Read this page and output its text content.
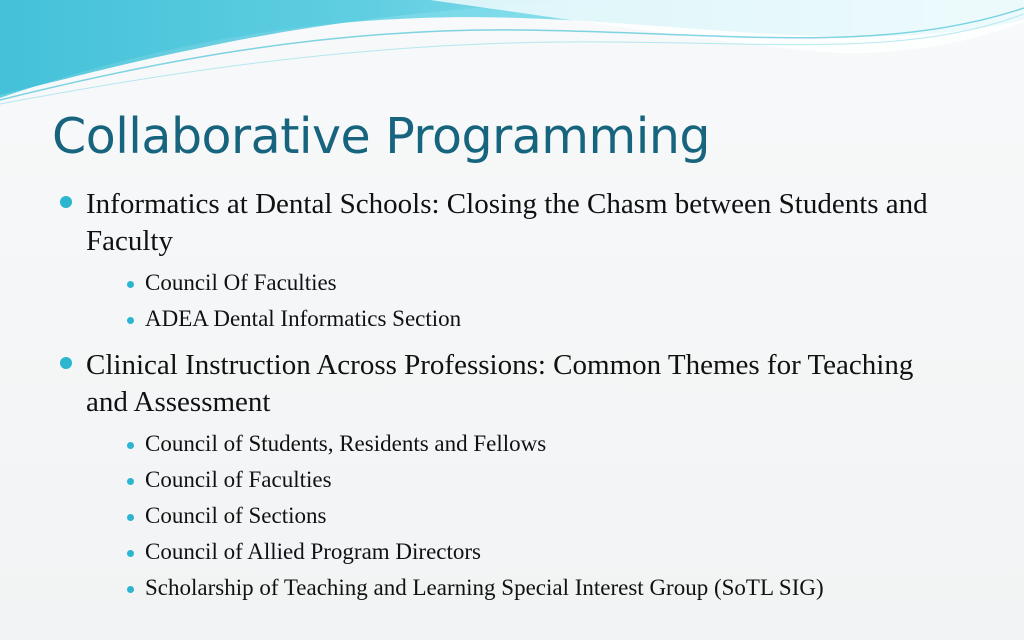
Collaborative Programming
Informatics at Dental Schools: Closing the Chasm between Students and Faculty
Council Of Faculties
ADEA Dental Informatics Section
Clinical Instruction Across Professions: Common Themes for Teaching and Assessment
Council of Students, Residents and Fellows
Council of Faculties
Council of Sections
Council of Allied Program Directors
Scholarship of Teaching and Learning Special Interest Group (SoTL SIG)
